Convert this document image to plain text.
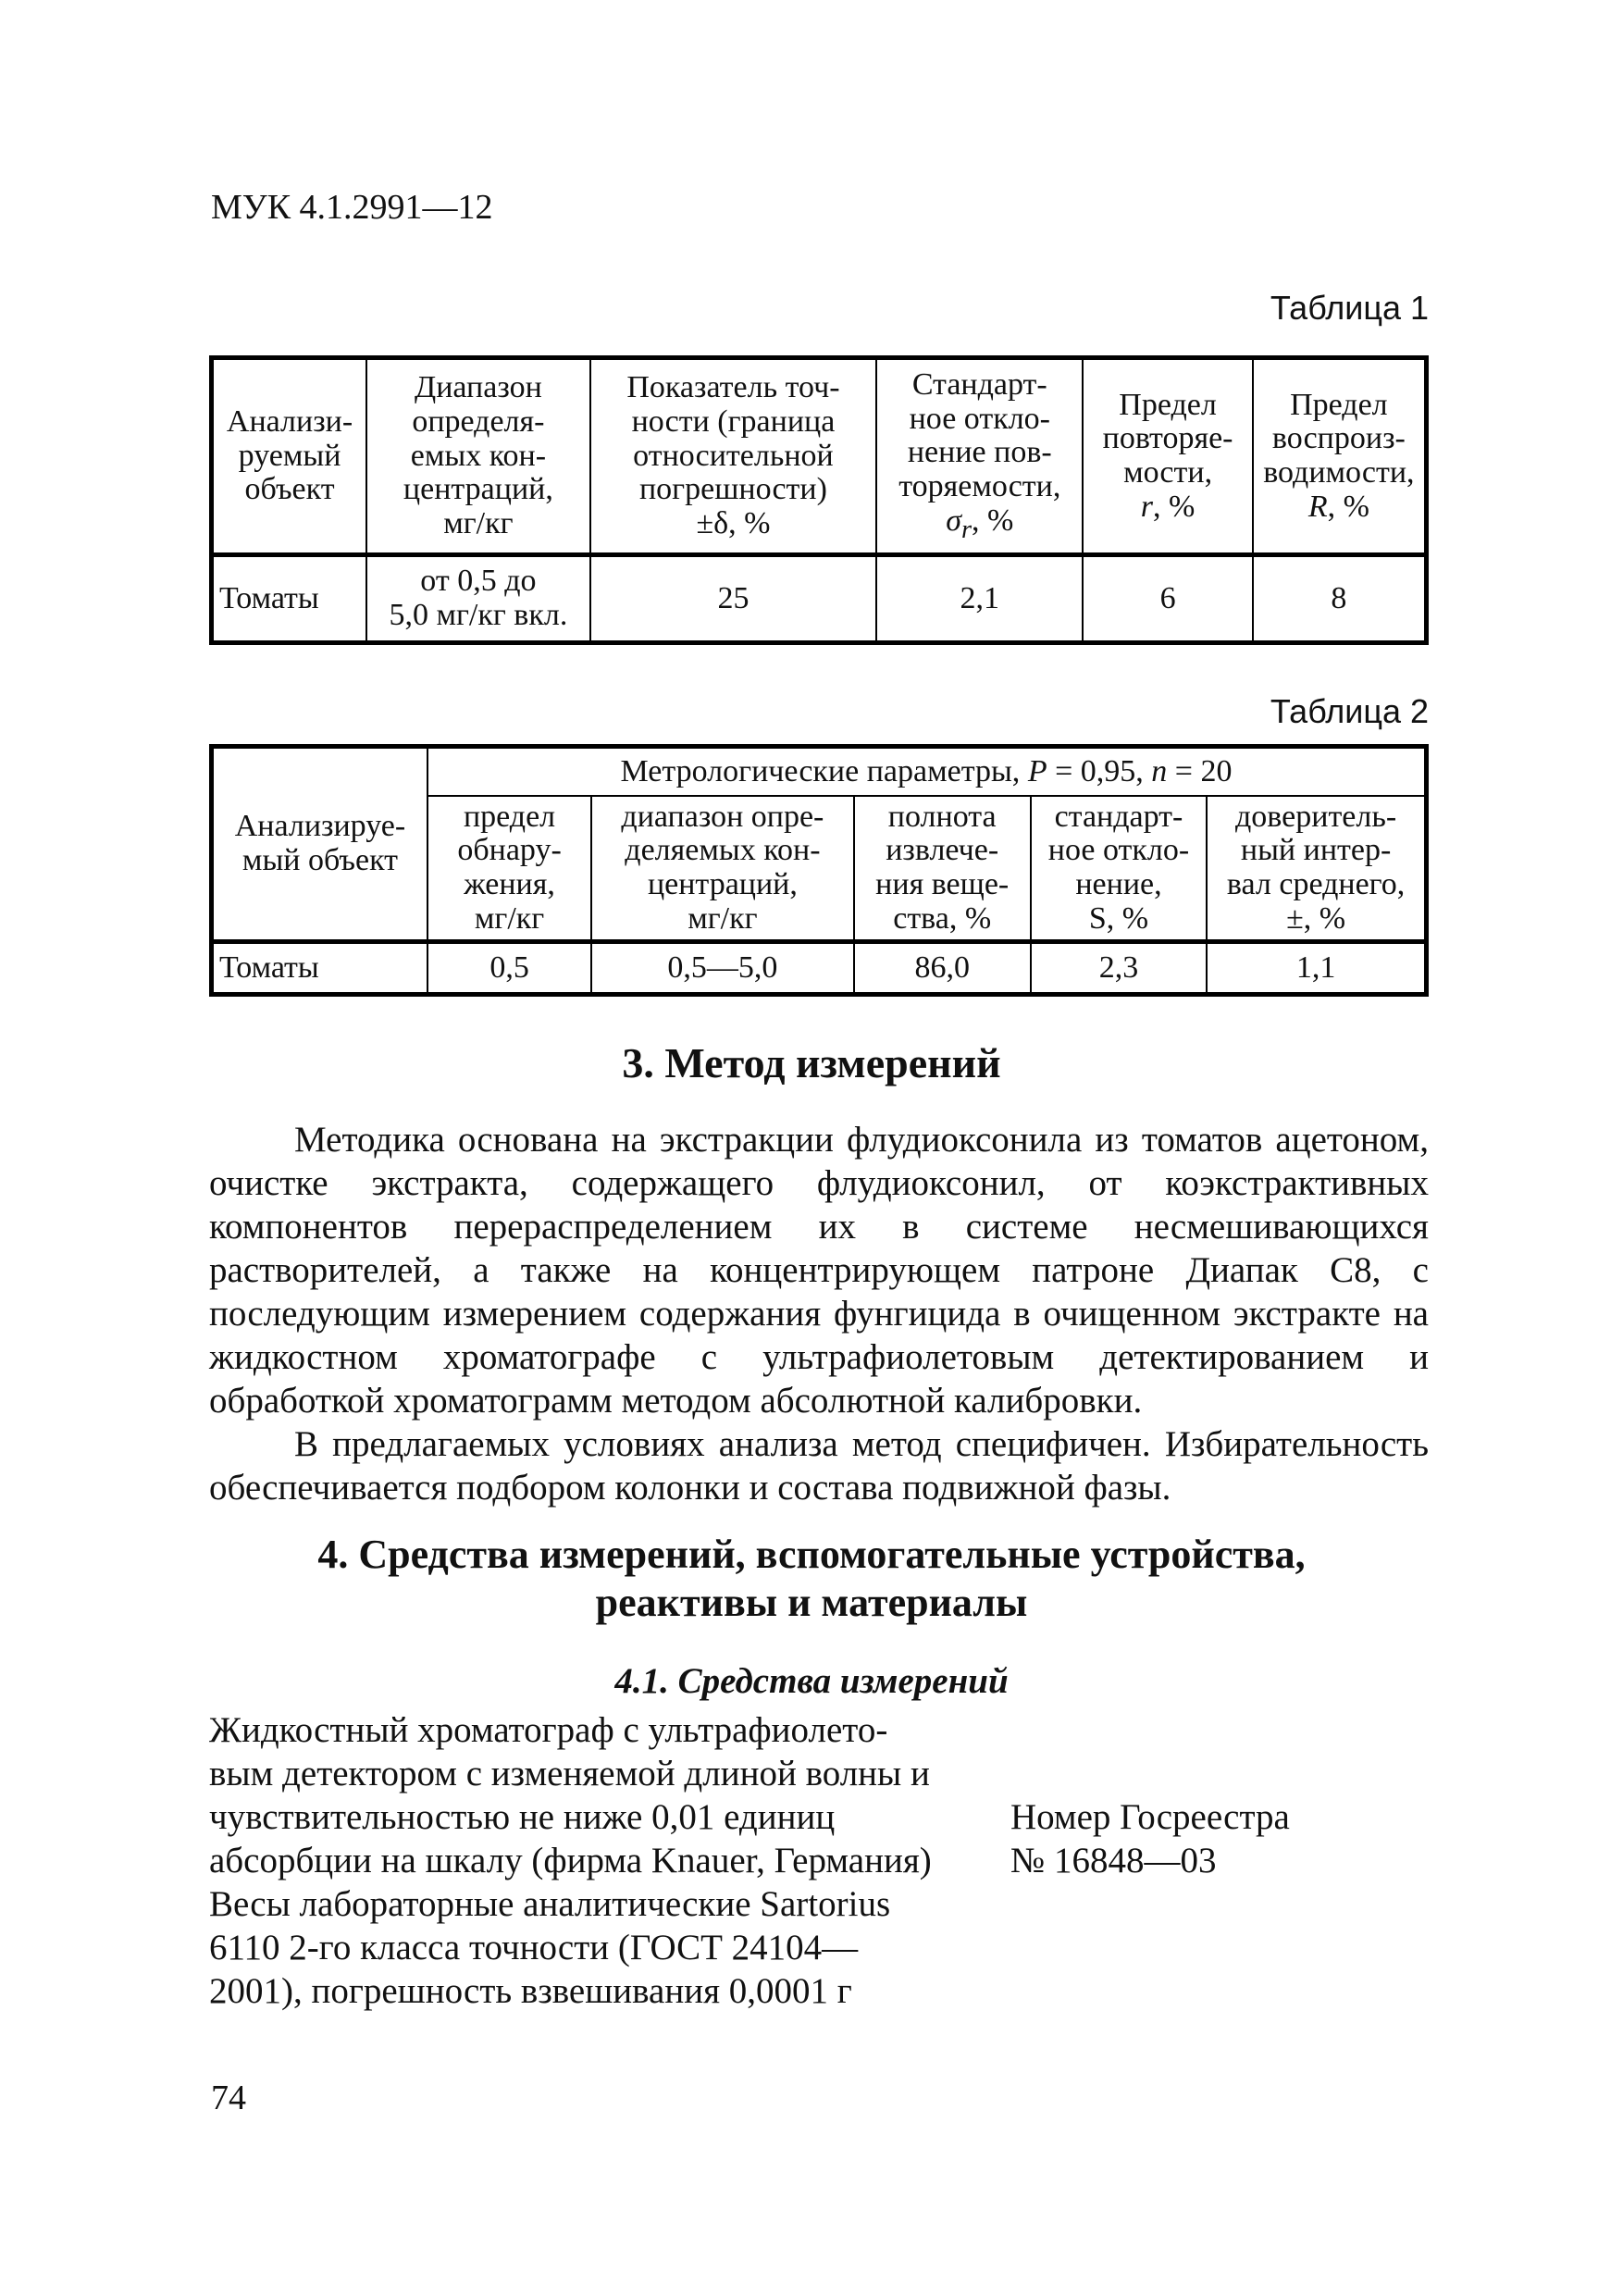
МУК 4.1.2991—12
Таблица 1
Анализи-
руемый
объект	Диапазон
определя-
емых кон-
центраций,
мг/кг	Показатель точ-
ности (граница
относительной
погрешности)
±δ, %	Стандарт-
ное откло-
нение пов-
торяемости,
$\sigma_r$, %	Предел
повторяе-
мости,
r, %	Предел
воспроиз-
водимости,
R, %
Томаты	от 0,5 до
5,0 мг/кг вкл.	25	2,1	6	8
Таблица 2
Анализируе-
мый объект	Метрологические параметры, P = 0,95, n = 20				
	предел
обнару-
жения,
мг/кг	диапазон опре-
деляемых кон-
центраций,
мг/кг	полнота
извлече-
ния веще-
ства, %	стандарт-
ное откло-
нение,
S, %	доверитель-
ный интер-
вал среднего,
±, %
Томаты	0,5	0,5—5,0	86,0	2,3	1,1
3. Метод измерений

Методика основана на экстракции флудиоксонила из томатов ацетоном, очистке экстракта, содержащего флудиоксонил, от коэкстрактивных компонентов перераспределением их в системе несмешивающихся растворителей, а также на концентрирующем патроне Диапак С8, с последующим измерением содержания фунгицида в очищенном экстракте на жидкостном хроматографе с ультрафиолетовым детектированием и обработкой хроматограмм методом абсолютной калибровки.

В предлагаемых условиях анализа метод специфичен. Избирательность обеспечивается подбором колонки и состава подвижной фазы.

4. Средства измерений, вспомогательные устройства,
реактивы и материалы
4.1. Средства измерений
Жидкостный хроматограф с ультрафиолето-
вым детектором с изменяемой длиной волны и
чувствительностью не ниже 0,01 единиц
абсорбции на шкалу (фирма Knauer, Германия)
Весы лабораторные аналитические Sartorius
6110 2-го класса точности (ГОСТ 24104—
2001), погрешность взвешивания 0,0001 г
Номер Госреестра
№ 16848—03
74
